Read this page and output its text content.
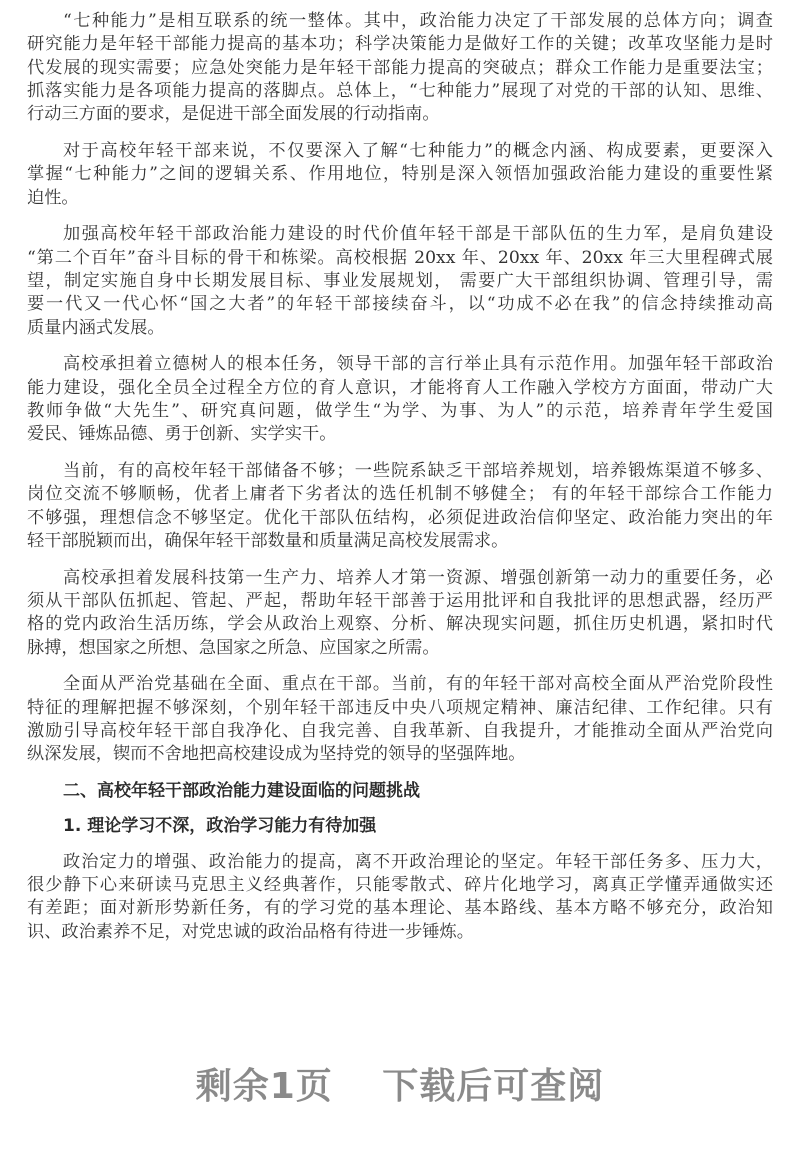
“七种能力”是相互联系的统一整体。其中，政治能力决定了干部发展的总体方向；调查
研究能力是年轻干部能力提高的基本功；科学决策能力是做好工作的关键；改革攻坚能力是时
代发展的现实需要；应急处突能力是年轻干部能力提高的突破点；群众工作能力是重要法宝；
抓落实能力是各项能力提高的落脚点。总体上，“七种能力”展现了对党的干部的认知、思维、
行动三方面的要求，是促进干部全面发展的行动指南。
对于高校年轻干部来说，不仅要深入了解“七种能力”的概念内涵、构成要素，更要深入
掌握“七种能力”之间的逻辑关系、作用地位，特别是深入领悟加强政治能力建设的重要性紧
迫性。
加强高校年轻干部政治能力建设的时代价值年轻干部是干部队伍的生力军，是肩负建设
“第二个百年”奋斗目标的骨干和栋梁。高校根据 20xx 年、20xx 年、20xx 年三大里程碑式展
望，制定实施自身中长期发展目标、事业发展规划， 需要广大干部组织协调、管理引导，需
要一代又一代心怀“国之大者”的年轻干部接续奋斗，以“功成不必在我”的信念持续推动高
质量内涵式发展。
高校承担着立德树人的根本任务，领导干部的言行举止具有示范作用。加强年轻干部政治
能力建设，强化全员全过程全方位的育人意识，才能将育人工作融入学校方方面面，带动广大
教师争做“大先生”、研究真问题，做学生“为学、为事、为人”的示范，培养青年学生爱国
爱民、锤炼品德、勇于创新、实学实干。
当前，有的高校年轻干部储备不够；一些院系缺乏干部培养规划，培养锻炼渠道不够多、
岗位交流不够顺畅，优者上庸者下劣者汰的选任机制不够健全； 有的年轻干部综合工作能力
不够强，理想信念不够坚定。优化干部队伍结构，必须促进政治信仰坚定、政治能力突出的年
轻干部脱颖而出，确保年轻干部数量和质量满足高校发展需求。
高校承担着发展科技第一生产力、培养人才第一资源、增强创新第一动力的重要任务，必
须从干部队伍抓起、管起、严起，帮助年轻干部善于运用批评和自我批评的思想武器，经历严
格的党内政治生活历练，学会从政治上观察、分析、解决现实问题，抓住历史机遇，紧扣时代
脉搏，想国家之所想、急国家之所急、应国家之所需。
全面从严治党基础在全面、重点在干部。当前，有的年轻干部对高校全面从严治党阶段性
特征的理解把握不够深刻，个别年轻干部违反中央八项规定精神、廉洁纪律、工作纪律。只有
激励引导高校年轻干部自我净化、自我完善、自我革新、自我提升，才能推动全面从严治党向
纵深发展，锲而不舍地把高校建设成为坚持党的领导的坚强阵地。
二、高校年轻干部政治能力建设面临的问题挑战
1. 理论学习不深，政治学习能力有待加强
政治定力的增强、政治能力的提高，离不开政治理论的坚定。年轻干部任务多、压力大，
很少静下心来研读马克思主义经典著作，只能零散式、碎片化地学习，离真正学懂弄通做实还
有差距；面对新形势新任务，有的学习党的基本理论、基本路线、基本方略不够充分，政治知
识、政治素养不足，对党忠诚的政治品格有待进一步锤炼。
剩余1页 下载后可查阅
